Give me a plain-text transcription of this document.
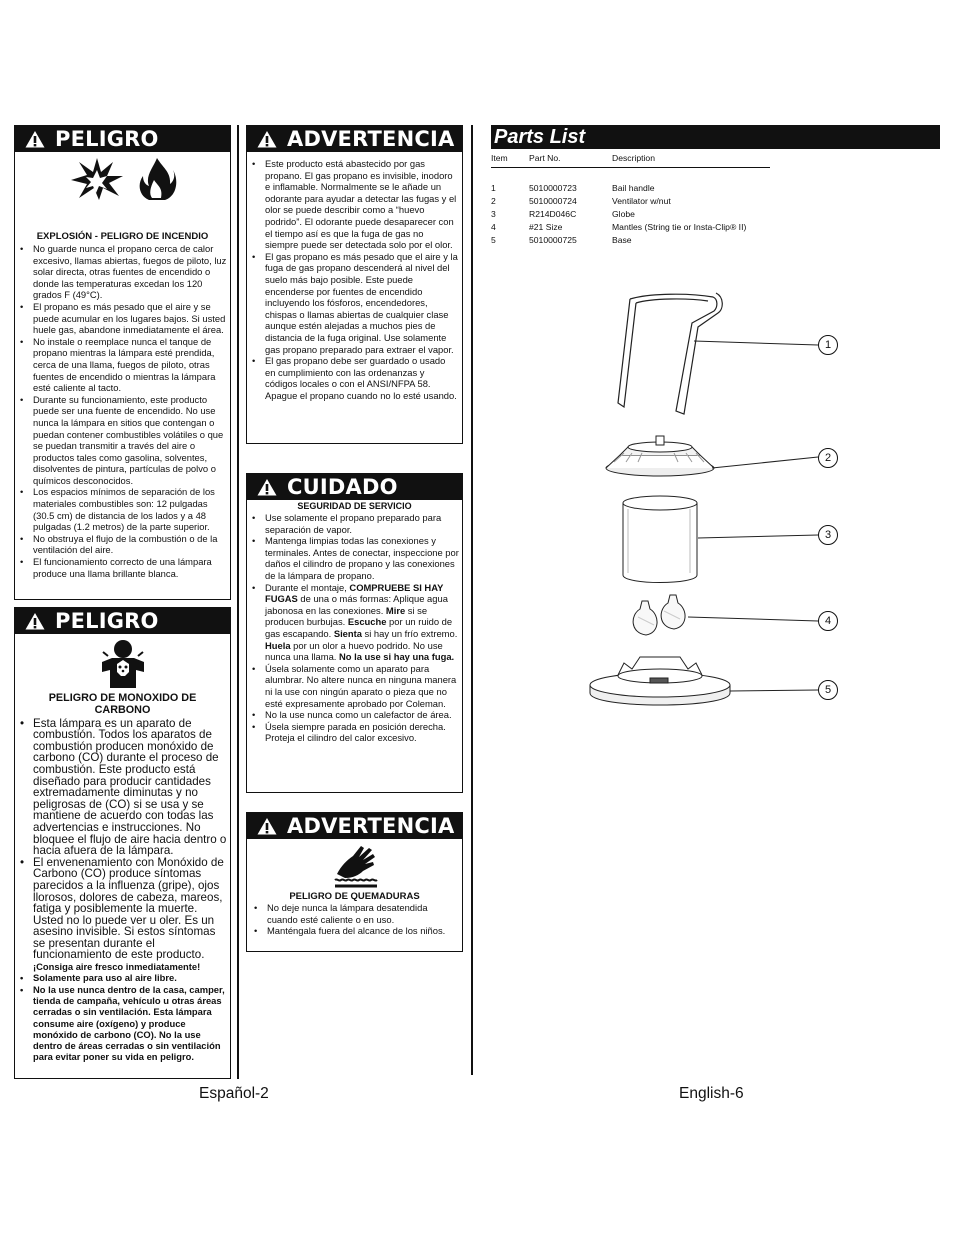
PELIGRO
EXPLOSIÓN - PELIGRO DE INCENDIO
• No guarde nunca el propano cerca de calor excesivo, llamas abiertas, fuegos de piloto, luz solar directa, otras fuentes de encendido o donde las temperaturas excedan los 120 grados F (49°C).
• El propano es más pesado que el aire y se puede acumular en los lugares bajos. Si usted huele gas, abandone inmediatamente el área.
• No instale o reemplace nunca el tanque de propano mientras la lámpara esté prendida, cerca de una llama, fuegos de piloto, otras fuentes de encendido o mientras la lámpara esté caliente al tacto.
• Durante su funcionamiento, este producto puede ser una fuente de encendido. No use nunca la lámpara en sitios que contengan o puedan contener combustibles volátiles o que se puedan transmitir a través del aire o productos tales como gasolina, solventes, disolventes de pintura, partículas de polvo o químicos desconocidos.
• Los espacios mínimos de separación de los materiales combustibles son: 12 pulgadas (30.5 cm) de distancia de los lados y a 48 pulgadas (1.2 metros) de la parte superior.
• No obstruya el flujo de la combustión o de la ventilación del aire.
• El funcionamiento correcto de una lámpara produce una llama brillante blanca.
PELIGRO
PELIGRO DE MONOXIDO DE CARBONO
• Esta lámpara es un aparato de combustión. Todos los aparatos de combustión producen monóxido de carbono (CO) durante el proceso de combustión. Este producto está diseñado para producir cantidades extremadamente diminutas y no peligrosas de (CO) si se usa y se mantiene de acuerdo con todas las advertencias e instrucciones. No bloquee el flujo de aire hacia dentro o hacia afuera de la lámpara.
• El envenenamiento con Monóxido de Carbono (CO) produce síntomas parecidos a la influenza (gripe), ojos llorosos, dolores de cabeza, mareos, fatiga y posiblemente la muerte. Usted no lo puede ver u oler. Es un asesino invisible. Si estos síntomas se presentan durante el funcionamiento de este producto.
¡Consiga aire fresco inmediatamente!
• Solamente para uso al aire libre.
• No la use nunca dentro de la casa, camper, tienda de campaña, vehículo u otras áreas cerradas o sin ventilación. Esta lámpara consume aire (oxígeno) y produce monóxido de carbono (CO). No la use dentro de áreas cerradas o sin ventilación para evitar poner su vida en peligro.
ADVERTENCIA
• Este producto está abastecido por gas propano. El gas propano es invisible, inodoro e inflamable. Normalmente se le añade un odorante para ayudar a detectar las fugas y el olor se puede describir como a “huevo podrido”. El odorante puede desaparecer con el tiempo así es que la fuga de gas no siempre puede ser detectada solo por el olor.
• El gas propano es más pesado que el aire y la fuga de gas propano descenderá al nivel del suelo más bajo posible. Este puede encenderse por fuentes de encendido incluyendo los fósforos, encendedores, chispas o llamas abiertas de cualquier clase aunque estén alejadas a muchos pies de distancia de la fuga original. Use solamente gas propano preparado para extraer el vapor.
• El gas propano debe ser guardado o usado en cumplimiento con las ordenanzas y códigos locales o con el ANSI/NFPA 58. Apague el propano cuando no lo esté usando.
CUIDADO
SEGURIDAD DE SERVICIO
• Use solamente el propano preparado para separación de vapor.
• Mantenga limpias todas las conexiones y terminales. Antes de conectar, inspeccione por daños el cilindro de propano y las conexiones de la lámpara de propano.
• Durante el montaje, COMPRUEBE SI HAY FUGAS de una o más formas: Aplique agua jabonosa en las conexiones. Mire si se producen burbujas. Escuche por un ruido de gas escapando. Sienta si hay un frío extremo. Huela por un olor a huevo podrido. No use nunca una llama. No la use si hay una fuga.
• Úsela solamente como un aparato para alumbrar. No altere nunca en ninguna manera ni la use con ningún aparato o pieza que no esté expresamente aprobado por Coleman.
• No la use nunca como un calefactor de área.
• Úsela siempre parada en posición derecha. Proteja el cilindro del calor excesivo.
ADVERTENCIA
PELIGRO DE QUEMADURAS
• No deje nunca la lámpara desatendida cuando esté caliente o en uso.
• Manténgala fuera del alcance de los niños.
Parts List
Item	Part No.	Description
1	5010000723	Bail handle
2	5010000724	Ventilator w/nut
3	R214D046C	Globe
4	#21 Size	Mantles (String tie or Insta-Clip® II)
5	5010000725	Base
1
2
3
4
5
Español-2	English-6
